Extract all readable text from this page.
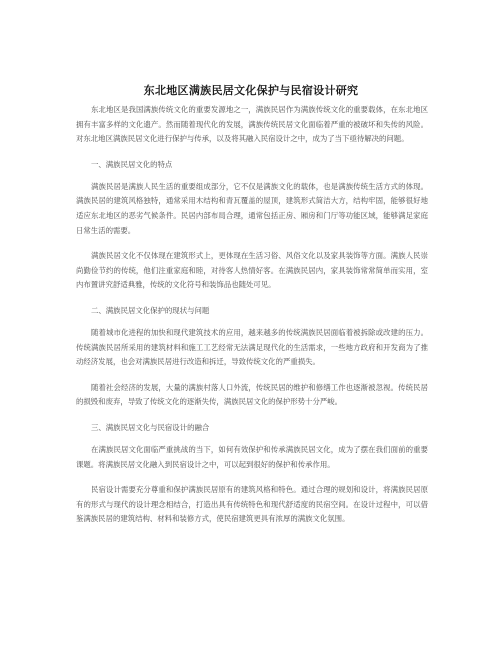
东北地区满族民居文化保护与民宿设计研究

东北地区是我国满族传统文化的重要发源地之一，满族民居作为满族传统文化的重要载体，在东北地区拥有丰富多样的文化遗产。然而随着现代化的发展，满族传统民居文化面临着严重的被破坏和失传的风险。对东北地区满族民居文化进行保护与传承，以及将其融入民宿设计之中，成为了当下亟待解决的问题。

一、满族民居文化的特点

满族民居是满族人民生活的重要组成部分，它不仅是满族文化的载体，也是满族传统生活方式的体现。满族民居的建筑风格独特，通常采用木结构和青瓦覆盖的屋顶，建筑形式简洁大方，结构牢固，能够很好地适应东北地区的恶劣气候条件。民居内部布局合理，通常包括正房、厢房和门厅等功能区域，能够满足家庭日常生活的需要。

满族民居文化不仅体现在建筑形式上，更体现在生活习俗、风俗文化以及家具装饰等方面。满族人民崇尚勤俭节约的传统，他们注重家庭和睦，对待客人热情好客。在满族民居内，家具装饰常常简单而实用，室内布置讲究舒适典雅，传统的文化符号和装饰品也随处可见。

二、满族民居文化保护的现状与问题

随着城市化进程的加快和现代建筑技术的应用，越来越多的传统满族民居面临着被拆除或改建的压力。传统满族民居所采用的建筑材料和施工工艺经常无法满足现代化的生活需求，一些地方政府和开发商为了推动经济发展，也会对满族民居进行改造和拆迁，导致传统文化的严重损失。

随着社会经济的发展，大量的满族村落人口外流，传统民居的维护和修缮工作也逐渐被忽视。传统民居的损毁和废弃，导致了传统文化的逐渐失传，满族民居文化的保护形势十分严峻。

三、满族民居文化与民宿设计的融合

在满族民居文化面临严重挑战的当下，如何有效保护和传承满族民居文化，成为了摆在我们面前的重要课题。将满族民居文化融入到民宿设计之中，可以起到很好的保护和传承作用。

民宿设计需要充分尊重和保护满族民居原有的建筑风格和特色。通过合理的规划和设计，将满族民居原有的形式与现代的设计理念相结合，打造出具有传统特色和现代舒适度的民宿空间。在设计过程中，可以借鉴满族民居的建筑结构、材料和装修方式，使民宿建筑更具有浓厚的满族文化氛围。
